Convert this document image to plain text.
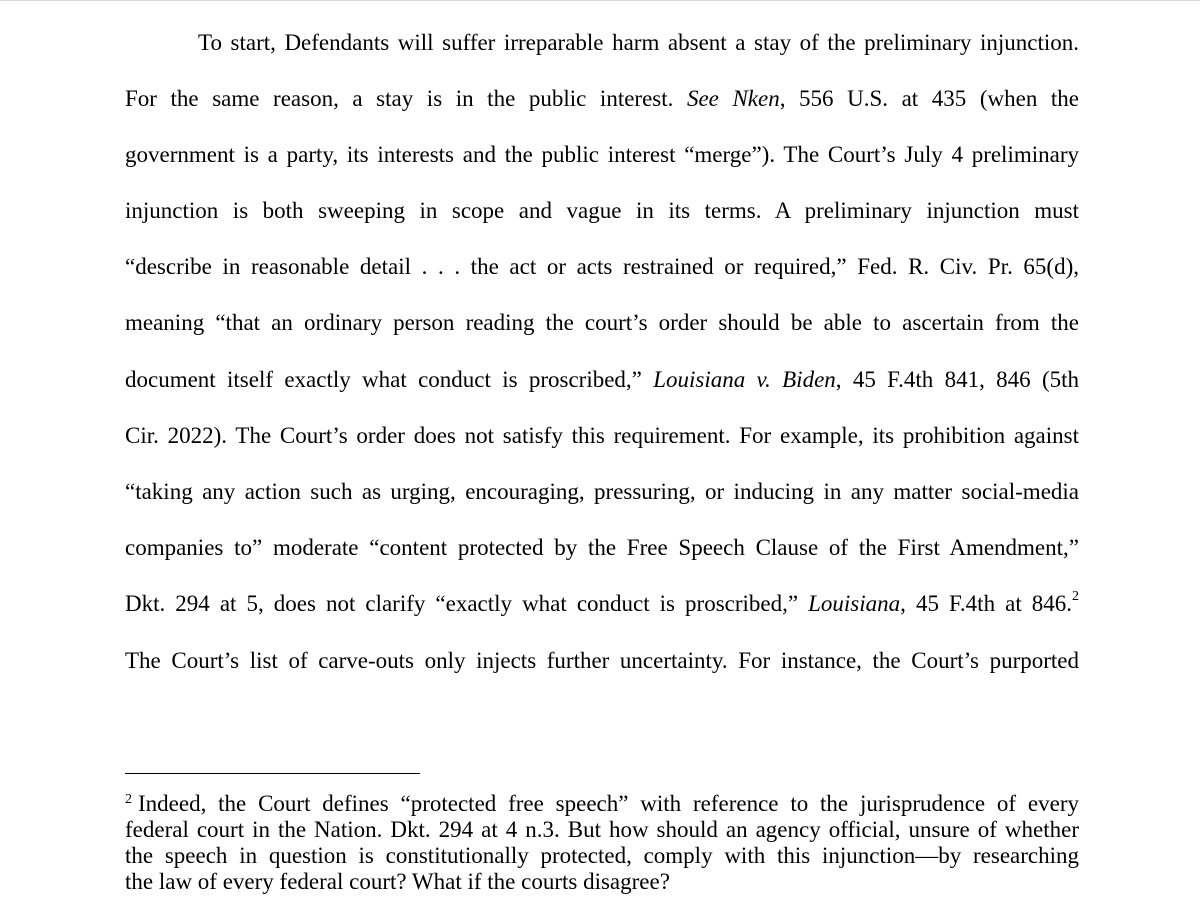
To start, Defendants will suffer irreparable harm absent a stay of the preliminary injunction.
For the same reason, a stay is in the public interest. See Nken, 556 U.S. at 435 (when the
government is a party, its interests and the public interest “merge”). The Court’s July 4 preliminary
injunction is both sweeping in scope and vague in its terms. A preliminary injunction must
“describe in reasonable detail . . . the act or acts restrained or required,” Fed. R. Civ. Pr. 65(d),
meaning “that an ordinary person reading the court’s order should be able to ascertain from the
document itself exactly what conduct is proscribed,” Louisiana v. Biden, 45 F.4th 841, 846 (5th
Cir. 2022). The Court’s order does not satisfy this requirement. For example, its prohibition against
“taking any action such as urging, encouraging, pressuring, or inducing in any matter social-media
companies to” moderate “content protected by the Free Speech Clause of the First Amendment,”
Dkt. 294 at 5, does not clarify “exactly what conduct is proscribed,” Louisiana, 45 F.4th at 846.$^2$
The Court’s list of carve-outs only injects further uncertainty. For instance, the Court’s purported
$^2$ Indeed, the Court defines “protected free speech” with reference to the jurisprudence of every
federal court in the Nation. Dkt. 294 at 4 n.3. But how should an agency official, unsure of whether
the speech in question is constitutionally protected, comply with this injunction—by researching
the law of every federal court? What if the courts disagree?
